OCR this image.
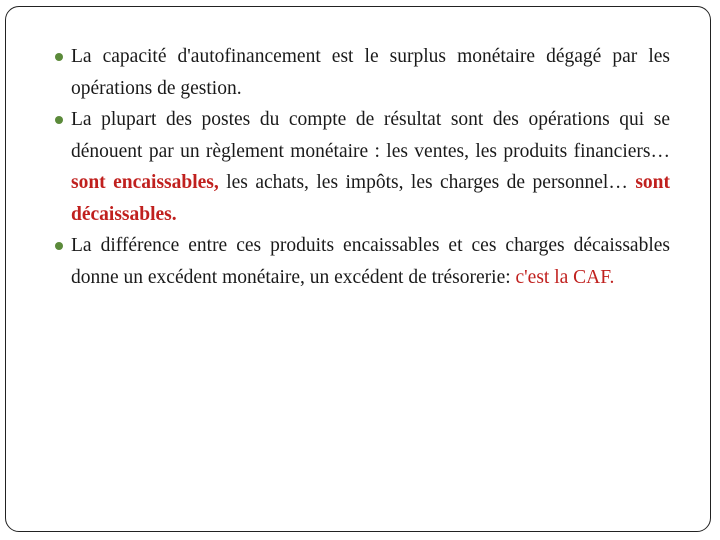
La capacité d'autofinancement est le surplus monétaire dégagé par les opérations de gestion.
La plupart des postes du compte de résultat sont des opérations qui se dénouent par un règlement monétaire : les ventes, les produits financiers… sont encaissables, les achats, les impôts, les charges de personnel… sont décaissables.
La différence entre ces produits encaissables et ces charges décaissables donne un excédent monétaire, un excédent de trésorerie: c'est la CAF.
